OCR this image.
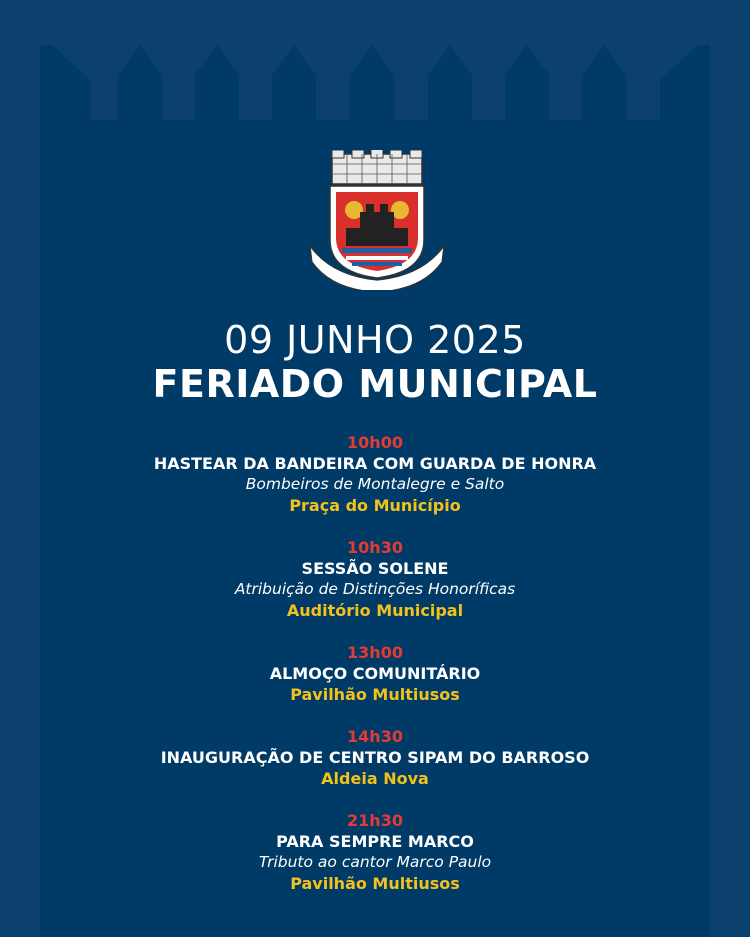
09 JUNHO 2025
FERIADO MUNICIPAL
10h00
HASTEAR DA BANDEIRA COM GUARDA DE HONRA
Bombeiros de Montalegre e Salto
Praça do Município
10h30
SESSÃO SOLENE
Atribuição de Distinções Honoríficas
Auditório Municipal
13h00
ALMOÇO COMUNITÁRIO
Pavilhão Multiusos
14h30
INAUGURAÇÃO DE CENTRO SIPAM DO BARROSO
Aldeia Nova
21h30
PARA SEMPRE MARCO
Tributo ao cantor Marco Paulo
Pavilhão Multiusos
